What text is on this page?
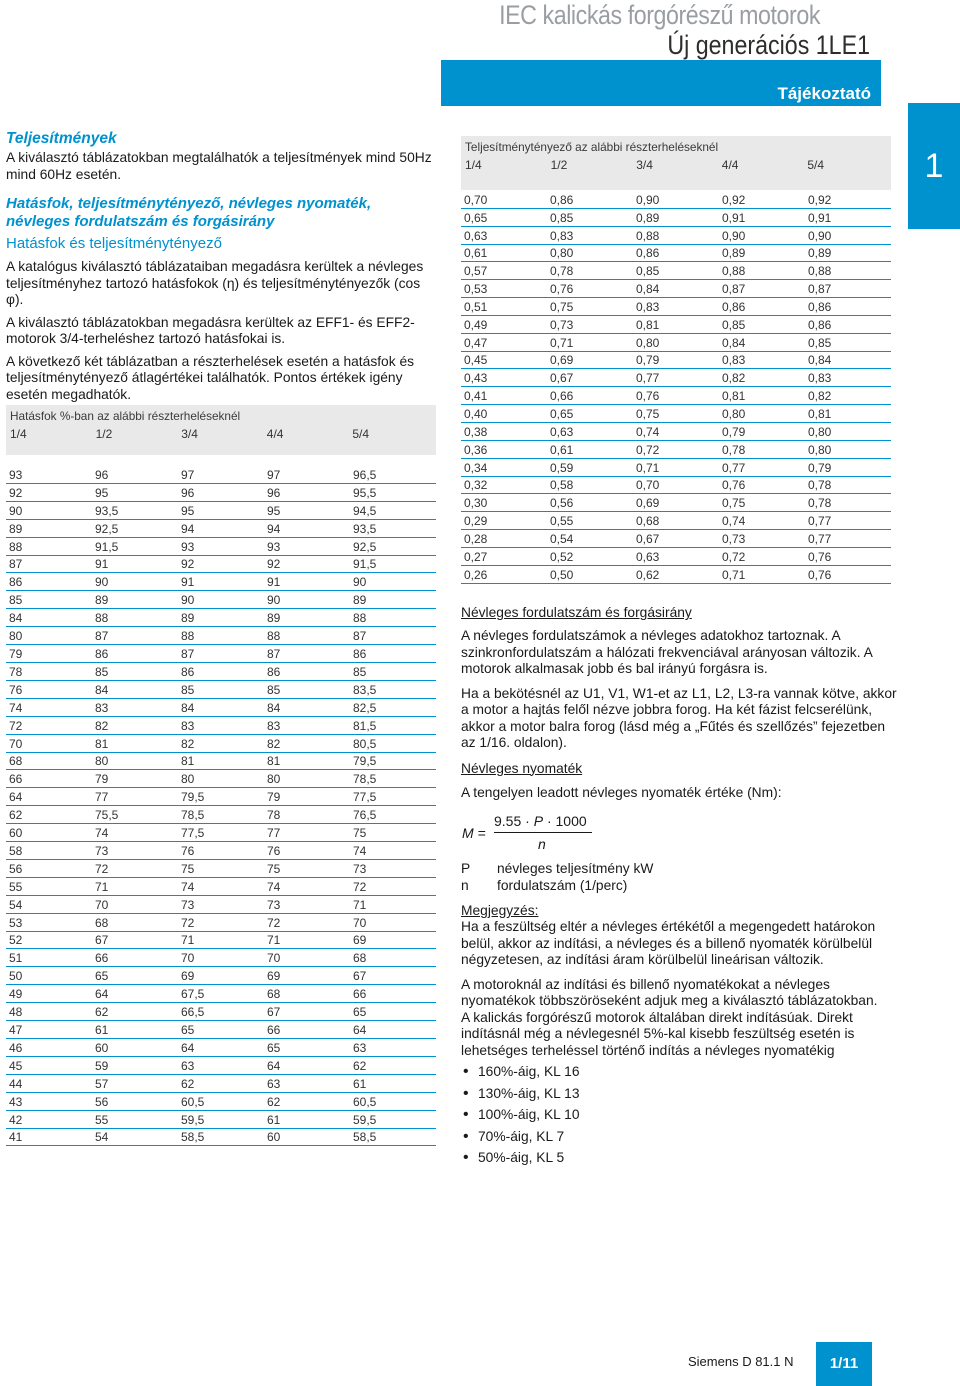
IEC kalickás forgórészű motorok
Új generációs 1LE1
Tájékoztató
1
Teljesítmények
A kiválasztó táblázatokban megtalálhatók a teljesítmények mind 50Hz mind 60Hz esetén.
Hatásfok, teljesítménytényező, névleges nyomaték,
névleges fordulatszám és forgásirány
Hatásfok és teljesítménytényező
A katalógus kiválasztó táblázataiban megadásra kerültek a névleges teljesítményhez tartozó hatásfokok (η) és teljesítménytényezők (cos φ).
A kiválasztó táblázatokban megadásra kerültek az EFF1- és EFF2-motorok 3/4-terheléshez tartozó hatásfokai is.
A következő két táblázatban a részterhelések esetén a hatásfok és teljesítménytényező átlagértékei találhatók. Pontos értékek igény esetén megadhatók.
Hatásfok %-ban az alábbi részterheléseknél
1/4	1/2	3/4	4/4	5/4
93	96	97	97	96,5
92	95	96	96	95,5
90	93,5	95	95	94,5
89	92,5	94	94	93,5
88	91,5	93	93	92,5
87	91	92	92	91,5
86	90	91	91	90
85	89	90	90	89
84	88	89	89	88
80	87	88	88	87
79	86	87	87	86
78	85	86	86	85
76	84	85	85	83,5
74	83	84	84	82,5
72	82	83	83	81,5
70	81	82	82	80,5
68	80	81	81	79,5
66	79	80	80	78,5
64	77	79,5	79	77,5
62	75,5	78,5	78	76,5
60	74	77,5	77	75
58	73	76	76	74
56	72	75	75	73
55	71	74	74	72
54	70	73	73	71
53	68	72	72	70
52	67	71	71	69
51	66	70	70	68
50	65	69	69	67
49	64	67,5	68	66
48	62	66,5	67	65
47	61	65	66	64
46	60	64	65	63
45	59	63	64	62
44	57	62	63	61
43	56	60,5	62	60,5
42	55	59,5	61	59,5
41	54	58,5	60	58,5
Teljesítménytényező az alábbi részterheléseknél
1/4	1/2	3/4	4/4	5/4
0,70	0,86	0,90	0,92	0,92
0,65	0,85	0,89	0,91	0,91
0,63	0,83	0,88	0,90	0,90
0,61	0,80	0,86	0,89	0,89
0,57	0,78	0,85	0,88	0,88
0,53	0,76	0,84	0,87	0,87
0,51	0,75	0,83	0,86	0,86
0,49	0,73	0,81	0,85	0,86
0,47	0,71	0,80	0,84	0,85
0,45	0,69	0,79	0,83	0,84
0,43	0,67	0,77	0,82	0,83
0,41	0,66	0,76	0,81	0,82
0,40	0,65	0,75	0,80	0,81
0,38	0,63	0,74	0,79	0,80
0,36	0,61	0,72	0,78	0,80
0,34	0,59	0,71	0,77	0,79
0,32	0,58	0,70	0,76	0,78
0,30	0,56	0,69	0,75	0,78
0,29	0,55	0,68	0,74	0,77
0,28	0,54	0,67	0,73	0,77
0,27	0,52	0,63	0,72	0,76
0,26	0,50	0,62	0,71	0,76
Névleges fordulatszám és forgásirány
A névleges fordulatszámok a névleges adatokhoz tartoznak. A szinkronfordulatszám a hálózati frekvenciával arányosan változik. A motorok alkalmasak jobb és bal irányú forgásra is.
Ha a bekötésnél az U1, V1, W1-et az L1, L2, L3-ra vannak kötve, akkor a motor a hajtás felől nézve jobbra forog. Ha két fázist felcserélünk, akkor a motor balra forog (lásd még a „Fűtés és szellőzés” fejezetben az 1/16. oldalon).
Névleges nyomaték
A tengelyen leadott névleges nyomaték értéke (Nm):
M =
9.55 · P · 1000
n
P	névleges teljesítmény kW
n	fordulatszám (1/perc)
Megjegyzés:
Ha a feszültség eltér a névleges értékétől a megengedett határokon belül, akkor az indítási, a névleges és a billenő nyomaték körülbelül négyzetesen, az indítási áram körülbelül lineárisan változik.
A motoroknál az indítási és billenő nyomatékokat a névleges nyomatékok többszöröseként adjuk meg a kiválasztó táblázatokban.
A kalickás forgórészű motorok általában direkt indításúak. Direkt indításnál még a névlegesnél 5%-kal kisebb feszültség esetén is lehetséges terheléssel történő indítás a névleges nyomatékig
• 160%-áig, KL 16
• 130%-áig, KL 13
• 100%-áig, KL 10
• 70%-áig, KL 7
• 50%-áig, KL 5
Siemens D 81.1 N	1/11
